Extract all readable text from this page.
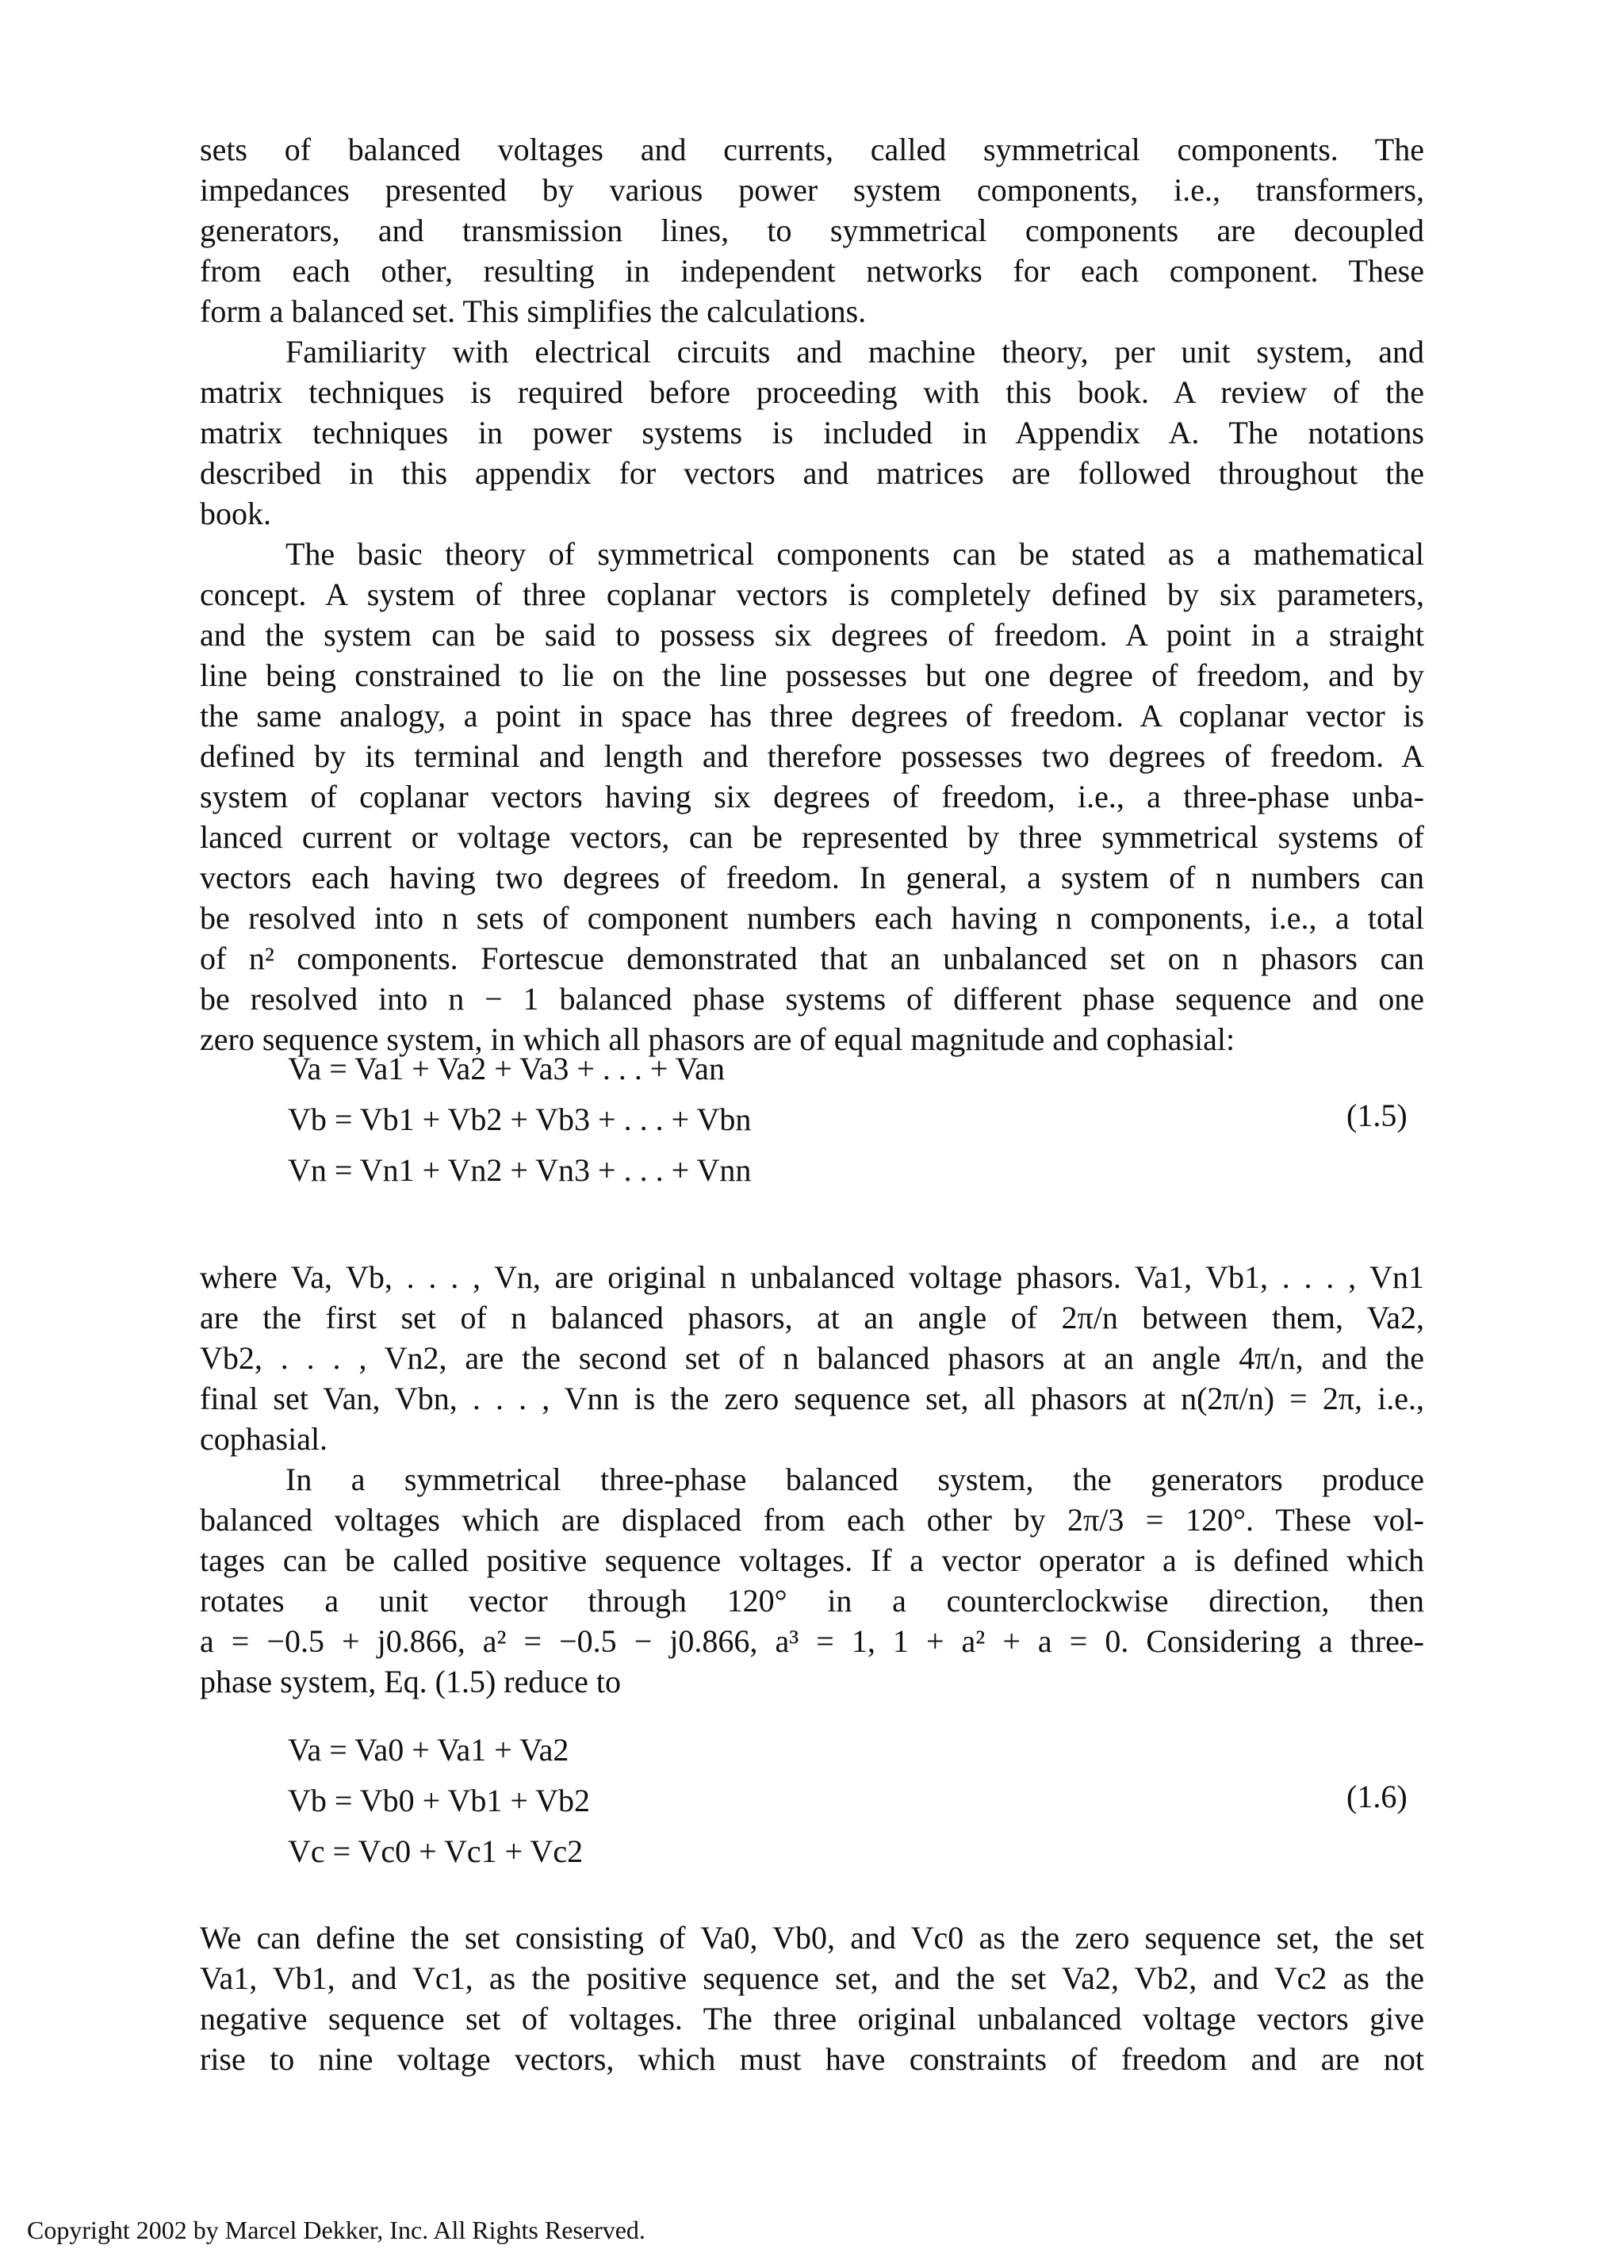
sets of balanced voltages and currents, called symmetrical components. The
impedances presented by various power system components, i.e., transformers,
generators, and transmission lines, to symmetrical components are decoupled
from each other, resulting in independent networks for each component. These
form a balanced set. This simplifies the calculations.
Familiarity with electrical circuits and machine theory, per unit system, and
matrix techniques is required before proceeding with this book. A review of the
matrix techniques in power systems is included in Appendix A. The notations
described in this appendix for vectors and matrices are followed throughout the
book.
The basic theory of symmetrical components can be stated as a mathematical
concept. A system of three coplanar vectors is completely defined by six parameters,
and the system can be said to possess six degrees of freedom. A point in a straight
line being constrained to lie on the line possesses but one degree of freedom, and by
the same analogy, a point in space has three degrees of freedom. A coplanar vector is
defined by its terminal and length and therefore possesses two degrees of freedom. A
system of coplanar vectors having six degrees of freedom, i.e., a three-phase unba-
lanced current or voltage vectors, can be represented by three symmetrical systems of
vectors each having two degrees of freedom. In general, a system of n numbers can
be resolved into n sets of component numbers each having n components, i.e., a total
of n² components. Fortescue demonstrated that an unbalanced set on n phasors can
be resolved into n − 1 balanced phase systems of different phase sequence and one
zero sequence system, in which all phasors are of equal magnitude and cophasial:
Va = Va1 + Va2 + Va3 + . . . + Van
Vb = Vb1 + Vb2 + Vb3 + . . . + Vbn
Vn = Vn1 + Vn2 + Vn3 + . . . + Vnn
(1.5)
where Va, Vb, . . . , Vn, are original n unbalanced voltage phasors. Va1, Vb1, . . . , Vn1
are the first set of n balanced phasors, at an angle of 2π/n between them, Va2,
Vb2, . . . , Vn2, are the second set of n balanced phasors at an angle 4π/n, and the
final set Van, Vbn, . . . , Vnn is the zero sequence set, all phasors at n(2π/n) = 2π, i.e.,
cophasial.
In a symmetrical three-phase balanced system, the generators produce
balanced voltages which are displaced from each other by 2π/3 = 120°. These vol-
tages can be called positive sequence voltages. If a vector operator a is defined which
rotates a unit vector through 120° in a counterclockwise direction, then
a = −0.5 + j0.866, a² = −0.5 − j0.866, a³ = 1, 1 + a² + a = 0. Considering a three-
phase system, Eq. (1.5) reduce to
Va = Va0 + Va1 + Va2
Vb = Vb0 + Vb1 + Vb2
Vc = Vc0 + Vc1 + Vc2
(1.6)
We can define the set consisting of Va0, Vb0, and Vc0 as the zero sequence set, the set
Va1, Vb1, and Vc1, as the positive sequence set, and the set Va2, Vb2, and Vc2 as the
negative sequence set of voltages. The three original unbalanced voltage vectors give
rise to nine voltage vectors, which must have constraints of freedom and are not
Copyright 2002 by Marcel Dekker, Inc. All Rights Reserved.
